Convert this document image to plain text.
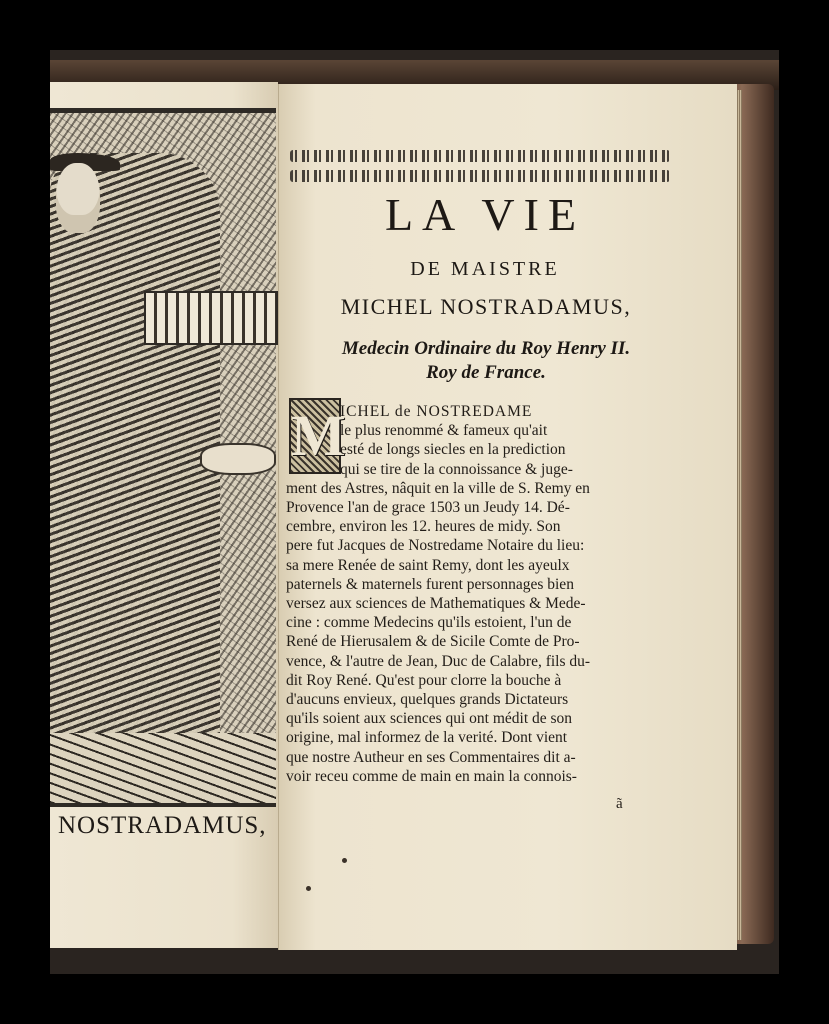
NOSTRADAMUS,
LA VIE
DE MAISTRE
MICHEL NOSTRADAMUS,
Medecin Ordinaire du Roy Henry II.
Roy de France.
M
ICHEL de NOSTREDAME
le plus renommé & fameux qu'ait
esté de longs siecles en la prediction
qui se tire de la connoissance & juge-
ment des Astres, nâquit en la ville de S. Remy en
Provence l'an de grace 1503 un Jeudy 14. Dé-
cembre, environ les 12. heures de midy. Son
pere fut Jacques de Nostredame Notaire du lieu:
sa mere Renée de saint Remy, dont les ayeulx
paternels & maternels furent personnages bien
versez aux sciences de Mathematiques & Mede-
cine : comme Medecins qu'ils estoient, l'un de
René de Hierusalem & de Sicile Comte de Pro-
vence, & l'autre de Jean, Duc de Calabre, fils du-
dit Roy René. Qu'est pour clorre la bouche à
d'aucuns envieux, quelques grands Dictateurs
qu'ils soient aux sciences qui ont médit de son
origine, mal informez de la verité. Dont vient
que nostre Autheur en ses Commentaires dit a-
voir receu comme de main en main la connois-
ã
